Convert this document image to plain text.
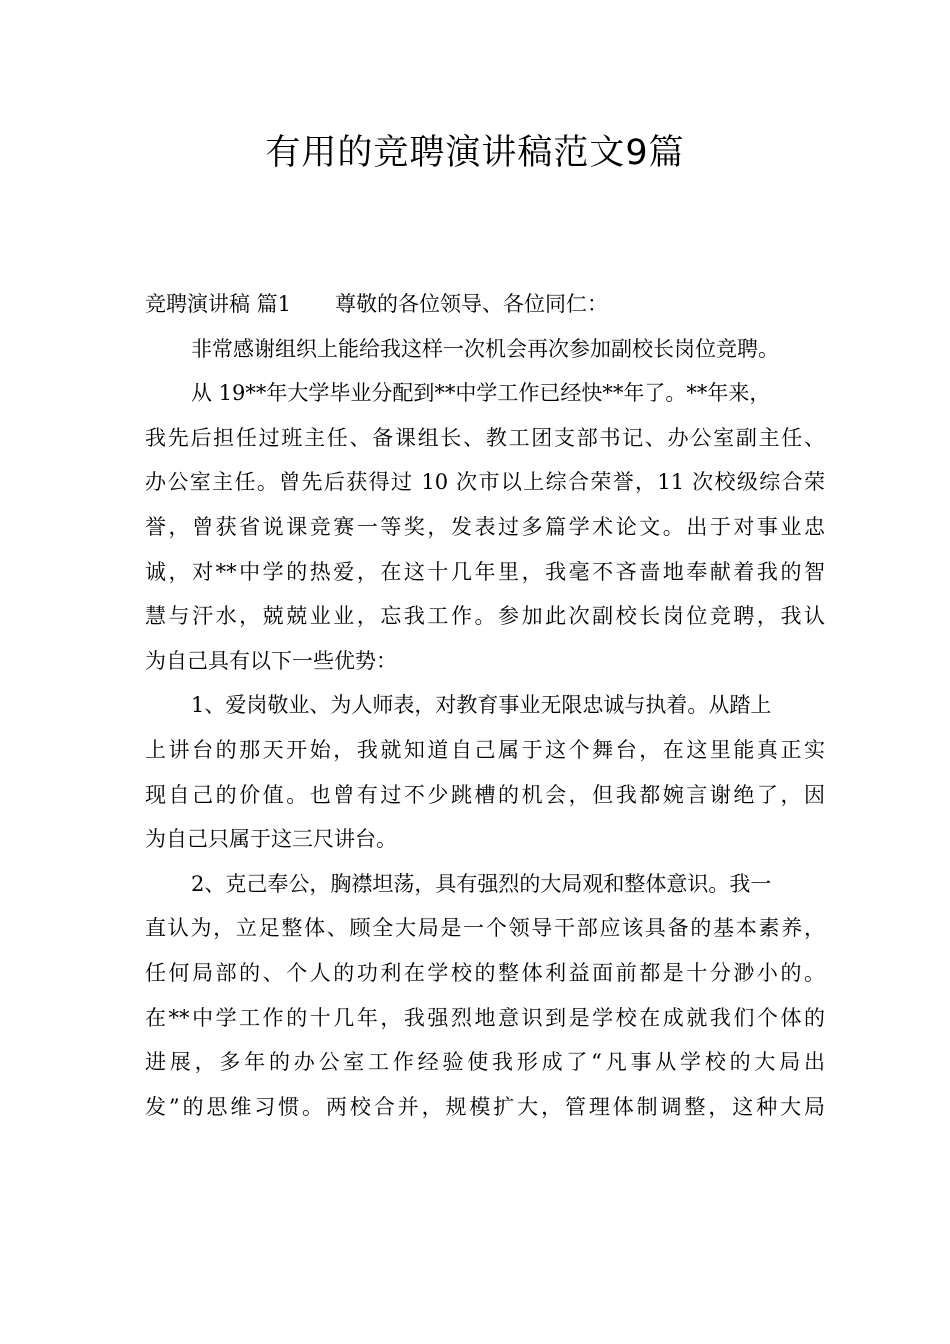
有用的竞聘演讲稿范文9篇
竞聘演讲稿 篇1 尊敬的各位领导、各位同仁：
非常感谢组织上能给我这样一次机会再次参加副校长岗位竞聘。
从 19**年大学毕业分配到**中学工作已经快**年了。**年来，
我先后担任过班主任、备课组长、教工团支部书记、办公室副主任、
办公室主任。曾先后获得过 10 次市以上综合荣誉，11 次校级综合荣
誉，曾获省说课竞赛一等奖，发表过多篇学术论文。出于对事业忠
诚，对**中学的热爱，在这十几年里，我毫不吝啬地奉献着我的智
慧与汗水，兢兢业业，忘我工作。参加此次副校长岗位竞聘，我认
为自己具有以下一些优势：
1、爱岗敬业、为人师表，对教育事业无限忠诚与执着。从踏上
上讲台的那天开始，我就知道自己属于这个舞台，在这里能真正实
现自己的价值。也曾有过不少跳槽的机会，但我都婉言谢绝了，因
为自己只属于这三尺讲台。
2、克己奉公，胸襟坦荡，具有强烈的大局观和整体意识。我一
直认为，立足整体、顾全大局是一个领导干部应该具备的基本素养，
任何局部的、个人的功利在学校的整体利益面前都是十分渺小的。
在**中学工作的十几年，我强烈地意识到是学校在成就我们个体的
进展，多年的办公室工作经验使我形成了“凡事从学校的大局出
发”的思维习惯。两校合并，规模扩大，管理体制调整，这种大局
